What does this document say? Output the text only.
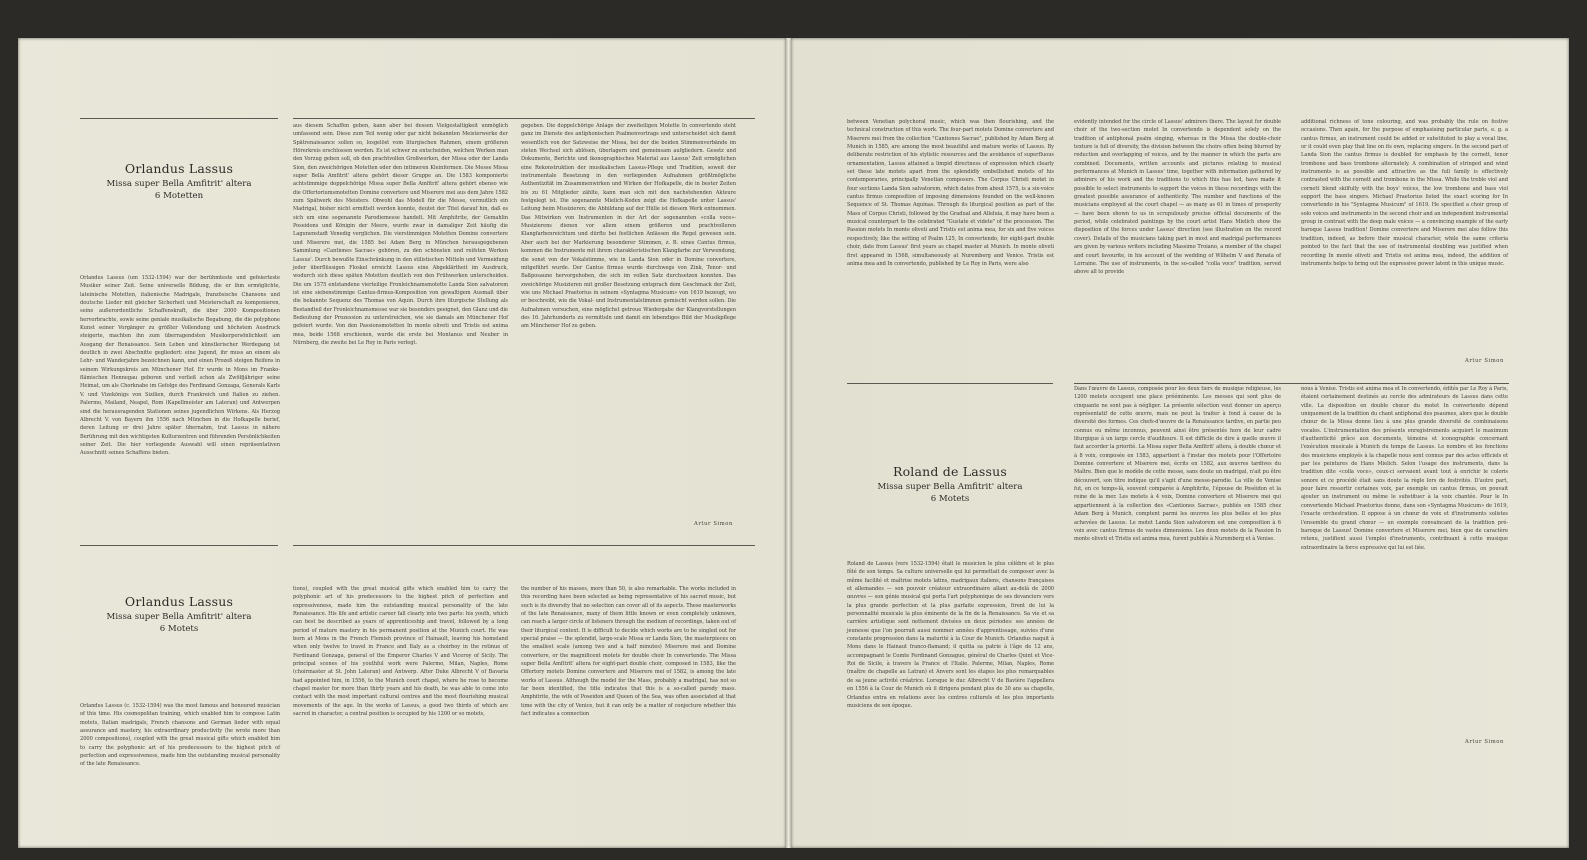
Orlandus Lassus
Missa super Bella Amfitrit' altera
6 Motetten
Orlandus Lassus (um 1532-1594) war der berühmteste und gefeierteste Musiker seiner Zeit. Seine universelle Bildung, die er ihm ermöglichte, lateinische Motetten, italienische Madrigale, französische Chansons und deutsche Lieder mit gleicher Sicherheit und Meisterschaft zu komponieren, seine außerordentliche Schaffenskraft, die über 2000 Kompositionen hervorbrachte, sowie seine geniale musikalische Begabung, die die polyphone Kunst seiner Vorgänger zu größter Vollendung und höchstem Ausdruck steigerte, machten ihn zum überragendsten Musikerpersönlichkeit am Ausgang der Renaissance. Sein Leben und künstlerischer Werdegang ist deutlich in zwei Abschnitte gegliedert: eine Jugend, ihr muss an einem als Lehr- und Wanderjahre bezeichnen kann, und einen Prozeß steigen Reifens in seinem Wirkungskreis am Münchener Hof. Er wurde in Mons im Franko-flämischen Hennegau geboren und verließ schon als Zwölfjähriger seine Heimat, um als Chorknabe im Gefolge des Ferdinand Gonzaga, Generals Karls V. und Vizekönigs von Sizilien, durch Frankreich und Italien zu ziehen. Palermo, Mailand, Neapel, Rom (Kapellmeister am Lateran) und Antwerpen sind die herausragenden Stationen seines jugendlichen Wirkens. Als Herzog Albrecht V. von Bayern ihn 1556 nach München in die Hofkapelle berief, deren Leitung er drei Jahre später übernahm, trat Lassus in nähere Berührung mit den wichtigsten Kulturzentren und führenden Persönlichkeiten seiner Zeit. Die hier vorliegende Auswahl will einen repräsentativen Ausschnitt seines Schaffens bieten.
aus diesem Schaffen geben, kann aber bei dessen Vielgestaltigkeit unmöglich umfassend sein. Diese zum Teil wenig oder gar nicht bekannten Meisterwerke der Spätrenaissance sollen so, losgelöst vom liturgischen Rahmen, einem größeren Hörerkreis erschlossen werden. Es ist schwer zu entscheiden, welchen Werken man den Vorzug geben soll, ob den prachtvollen Großwerken, der Missa oder der Landa Sion, den zweichörigen Motetten oder den intimeren Kleinformen. Die Messe Missa super Bella Amfitrit' altera gehört dieser Gruppe an. Die 1583 komponierte achtstimmige doppelchörige Missa super Bella Amfitrit' altera gehört ebenso wie die Offertoriumsmotetten Domine convertere und Miserere mei aus dem Jahre 1582 zum Spätwerk des Meisters. Obwohl das Modell für die Messe, vermutlich ein Madrigal, bisher nicht ermittelt werden konnte, deutet der Titel darauf hin, daß es sich um eine sogenannte Parodiemesse handelt. Mit Amphitrite, der Gemahlin Poseidons und Königin der Meere, wurde zwar in damaliger Zeit häufig die Lagunenstadt Venedig verglichen. Die vierstimmigen Motetten Domine convertere und Miserere mei, die 1585 bei Adam Berg in München herausgegebenen Sammlung «Cantiones Sacrae» gehören, zu den schönsten und reifsten Werken Lassus'. Durch bewußte Einschränkung in den stilistischen Mitteln und Vermeidung jeder überflüssigen Floskel erreicht Lassus eine Abgeklärtheit im Ausdruck, wodurch sich diese späten Motetten deutlich von den Frühwerken unterscheiden. Die um 1575 entstandene vierteilige Fronleichnamsmotette Landa Sion salvatorem ist eine siebenstimmige Cantus-firmus-Komposition von gewaltigem Ausmaß über die bekannte Sequenz des Thomas von Aquin. Durch ihre liturgische Stellung als Bestandteil der Fronleichnamsmesse war sie besonders geeignet, den Glanz und die Bedeutung der Prozession zu unterstreichen, wie sie damals am Münchener Hof gefeiert wurde. Von den Passionsmotetten In monte oliveti und Tristis est anima mea, beide 1568 erschienen, wurde die erste bei Montanus und Neuber in Nürnberg, die zweite bei Le Roy in Paris verlegt.
gegeben. Die doppelchörige Anlage der zweiteiligen Motette In convertendo steht ganz im Dienste des antiphonischen Psalmenvortrags und unterscheidet sich damit wesentlich von der Satzweise der Missa, bei der die beiden Stimmenverbände im steten Wechsel sich ablösen, überlagern und gemeinsam aufgliedern. Gesetz und Dokumente, Berichte und ikonographisches Material aus Lassus' Zeit ermöglichen eine Rekonstruktion der musikalischen Lassus-Pflege und Tradition, soweit der instrumentale Besetzung in den vorliegenden Aufnahmen größtmögliche Authentizität im Zusammenwirken und Wirken der Hofkapelle, die in bester Zeiten bis zu 61 Mitglieder zählte, kann man sich mit den nachstehenden Akteure festgelegt ist. Die sogenannte Mielich-Kodex zeigt die Hofkapelle unter Lassus' Leitung beim Musizieren; die Abbildung auf der Hülle ist diesem Werk entnommen. Das Mitwirken von Instrumenten in der Art der sogenannten «colla voce»-Musizierens dienen vor allem einem größeren und prachtvolleren Klangfarbenreichtum und dürfte bei festlichen Anlässen die Regel gewesen sein. Aber auch bei der Markierung besonderer Stimmen, z. B. eines Cantus firmus, kommen die Instrumente mit ihrem charakteristischen Klangfarbe zur Verwendung, die sonst von der Vokalstimme, wie in Landa Sion oder in Domine convertere, mitgeführt wurde. Der Cantus firmus wurde durchwegs von Zink, Tenor- und Baßposaune hervorgehoben, die sich im vollen Satz durchsetzen konnten. Das zweichörige Musizieren mit großer Besetzung entsprach dem Geschmack der Zeit, wie uns Michael Praetorius in seinem «Syntagma Musicum» von 1619 bezeugt, wo er beschreibt, wie die Vokal- und Instrumentalstimmen gemischt werden sollen. Die Aufnahmen versuchen, eine möglichst getreue Wiedergabe der Klangvorstellungen des 16. Jahrhunderts zu vermitteln und damit ein lebendiges Bild der Musikpflege am Münchener Hof zu geben.
Artur Simon
Orlandus Lassus
Missa super Bella Amfitrit' altera
6 Motets
Orlandus Lassus (c. 1532-1594) was the most famous and honoured musician of this time. His cosmopolitan training, which enabled him to compose Latin motets, Italian madrigals, French chansons and German lieder with equal assurance and mastery, his extraordinary productivity (he wrote more than 2000 compositions), coupled with the great musical gifts which enabled him to carry the polyphonic art of his predecessors to the highest pitch of perfection and expressiveness, made him the outstanding musical personality of the late Renaissance.
tions), coupled with the great musical gifts which enabled him to carry the polyphonic art of his predecessors to the highest pitch of perfection and expressiveness, made him the outstanding musical personality of the late Renaissance. His life and artistic career fall clearly into two parts: his youth, which can best be described as years of apprenticeship and travel, followed by a long period of mature mastery in his permanent position at the Munich court. He was born at Mons in the French Flemish province of Hainault, leaving his homeland when only twelve to travel in France and Italy as a choirboy in the retinue of Ferdinand Gonzaga, general of the Emperor Charles V and Viceroy of Sicily. The principal scenes of his youthful work were Palermo, Milan, Naples, Rome (choirmaster at St. John Lateran) and Antwerp. After Duke Albrecht V of Bavaria had appointed him, in 1556, to the Munich court chapel, where he rose to become chapel master for more than thirty years and his death, he was able to come into contact with the most important cultural centres and the most flourishing musical movements of the age. In the works of Lassus, a good two thirds of which are sacred in character, a central position is occupied by his 1200 or so motets,
the number of his masses, more than 50, is also remarkable. The works included in this recording have been selected as being representative of his sacred music, but such is its diversity that no selection can cover all of its aspects. These masterworks of the late Renaissance, many of them little known or even completely unknown, can reach a larger circle of listeners through the medium of recordings, taken out of their liturgical context. It is difficult to decide which works are to be singled out for special praise — the splendid, large-scale Missa or Landa Sion, the masterpieces on the smallest scale (among two and a half minutes) Miserere mei and Domine convertere, or the magnificent motets for double choir In convertendo. The Missa super Bella Amfitrit' altera for eight-part double choir, composed in 1583, like the Offertory motets Domine convertere and Miserere mei of 1582, is among the late works of Lassus. Although the model for the Mass, probably a madrigal, has not so far been identified, the title indicates that this is a so-called parody mass. Amphitrite, the wife of Poseidon and Queen of the Sea, was often associated at that time with the city of Venice, but it can only be a matter of conjecture whether this fact indicates a connection
between Venetian polychoral music, which was then flourishing, and the technical construction of this work. The four-part motets Domine convertere and Miserere mei from the collection "Cantiones Sacrae", published by Adam Berg at Munich in 1585, are among the most beautiful and mature works of Lassus. By deliberate restriction of his stylistic resources and the avoidance of superfluous ornamentation, Lassus attained a limpid directness of expression which clearly set these late motets apart from the splendidly embellished motets of his contemporaries, principally Venetian composers. The Corpus Christi motet in four sections Landa Sion salvatorem, which dates from about 1575, is a six-voice cantus firmus composition of imposing dimensions founded on the well-known Sequence of St. Thomas Aquinas. Through its liturgical position as part of the Mass of Corpus Christi, followed by the Gradual and Alleluia, it may have been a musical counterpart to the celebrated "Gustate et videte" of the procession. The Passion motets In monte oliveti and Tristis est anima mea, for six and five voices respectively, like the setting of Psalm 125, In convertendo, for eight-part double choir, date from Lassus' first years as chapel master at Munich. In monte oliveti first appeared in 1568, simultaneously at Nuremberg and Venice. Tristis est anima mea and In convertendo, published by Le Roy in Paris, were also
evidently intended for the circle of Lassus' admirers there. The layout for double choir of the two-section motet In convertendo is dependent solely on the tradition of antiphonal psalm singing, whereas in the Missa the double-choir texture is full of diversity, the division between the choirs often being blurred by reduction and overlapping of voices, and by the manner in which the parts are combined. Documents, written accounts and pictures relating to musical performances at Munich in Lassus' time, together with information gathered by admirers of his work and the traditions to which this has led, have made it possible to select instruments to support the voices in these recordings with the greatest possible assurance of authenticity. The number and functions of the musicians employed at the court chapel — as many as 61 in times of prosperity — have been shown to us in scrupulously precise official documents of the period, while celebrated paintings by the court artist Hans Mielich show the disposition of the forces under Lassus' direction (see illustration on the record cover). Details of the musicians taking part in most and madrigal performances are given by various writers including Massimo Troiano, a member of the chapel and court favourite, in his account of the wedding of Wilhelm V and Renata of Lorraine. The use of instruments, in the so-called "colla voce" tradition, served above all to provide
additional richness of tone colouring, and was probably the rule on festive occasions. Then again, for the purpose of emphasising particular parts, e. g. a cantus firmus, an instrument could be added or substituted to play a vocal line, or it could even play that line on its own, replacing singers. In the second part of Landa Sion the cantus firmus is doubled for emphasis by the cornett, tenor trombone and bass trombone alternately. A combination of stringed and wind instruments is as possible and attractive as the full family is effectively contrasted with the cornett and trombone in the Missa. While the treble viol and cornett blend skilfully with the boys' voices, the low trombone and bass viol support the bass singers. Michael Praetorius listed the exact scoring for In convertendo in his "Syntagma Musicum" of 1619. He specified a choir group of solo voices and instruments in the second choir and an independent instrumental group in contrast with the deep male voices — a convincing example of the early baroque Lassus tradition! Domine convertere and Miserere mei also follow this tradition, indeed, as before their musical character, while the same criteria pointed to the fact that the use of instrumental doubling was justified when recording In monte oliveti and Tristis est anima mea, indeed, the addition of instruments helps to bring out the expressive power latent in this unique music.
Artur Simon
Roland de Lassus
Missa super Bella Amfitrit' altera
6 Motets
Roland de Lassus (vers 1532-1594) était le musicien le plus célèbre et le plus fêté de son temps. Sa culture universelle qui lui permettait de composer avec la même facilité et maîtrise motets latins, madrigaux italiens, chansons françaises et allemandes — son pouvoir créateur extraordinaire allant au-delà de 2000 œuvres — son génie musical qui porta l'art polyphonique de ses devanciers vers la plus grande perfection et la plus parfaite expression, firent de lui la personnalité musicale la plus éminente de la fin de la Renaissance. Sa vie et sa carrière artistique sont nettement divisées en deux périodes: ses années de jeunesse que l'on pourrait aussi nommer années d'apprentissage, suivies d'une constante progression dans la maturité à la Cour de Munich. Orlandus naquit à Mons dans le Hainaut franco-flamand; il quitta sa patrie à l'âge de 12 ans, accompagnant le Comte Ferdinand Gonzague, général de Charles Quint et Vice-Roi de Sicile, à travers la France et l'Italie. Palerme, Milan, Naples, Rome (maître de chapelle au Latran) et Anvers sont les étapes les plus remarquables de sa jeune activité créatrice. Lorsque le duc Albrecht V de Bavière l'appellera en 1556 à la Cour de Munich où il dirigera pendant plus de 30 ans sa chapelle, Orlandus entra en relations avec les centres culturels et les plus importants musiciens de son époque.
Dans l'œuvre de Lassus, composée pour les deux tiers de musique religieuse, les 1200 motets occupent une place prééminente. Les messes qui sont plus de cinquante ne sont pas à négliger. La présente sélection veut donner un aperçu représentatif de cette œuvre, mais ne peut la traiter à fond à cause de la diversité des formes. Ces chefs-d'œuvre de la Renaissance tardive, en partie peu connus ou même inconnus, peuvent ainsi être présentés hors de leur cadre liturgique à un large cercle d'auditeurs. Il est difficile de dire à quelle œuvre il faut accorder la priorité. La Missa super Bella Amfitrit' altera, à double chœur et à 8 voix, composée en 1583, appartient à l'instar des motets pour l'Offertoire Domine convertere et Miserere mei, écrits en 1582, aux œuvres tardives du Maître. Bien que le modèle de cette messe, sans doute un madrigal, n'ait pu être découvert, son titre indique qu'il s'agit d'une messe-parodie. La ville de Venise fut, en ce temps-là, souvent comparée à Amphitrite, l'épouse de Poséidon et la reine de la mer. Les motets à 4 voix, Domine convertere et Miserere mei qui appartiennent à la collection des «Cantiones Sacrae», publiés en 1585 chez Adam Berg à Munich, comptent parmi les œuvres les plus belles et les plus achevées de Lassus. Le motet Landa Sion salvatorem est une composition à 6 voix avec cantus firmus de vastes dimensions. Les deux motets de la Passion In monte oliveti et Tristis est anima mea, furent publiés à Nuremberg et à Venise.
nous à Venise. Tristis est anima mea et In convertendo, édités par Le Roy à Paris, étaient certainement destinés au cercle des admirateurs de Lassus dans cette ville. La disposition en double chœur du motet In convertendo dépend uniquement de la tradition du chant antiphonal des psaumes, alors que le double chœur de la Missa donne lieu à une plus grande diversité de combinaisons vocales. L'instrumentation des présents enregistrements acquiert le maximum d'authenticité grâce aux documents, témoins et iconographie concernant l'exécution musicale à Munich du temps de Lassus. Le nombre et les fonctions des musiciens employés à la chapelle nous sont connus par des actes officiels et par les peintures de Hans Mielich. Selon l'usage des instruments, dans la tradition dite «colla voce», ceux-ci servaient avant tout à enrichir le coloris sonore et ce procédé était sans doute la règle lors de festivités. D'autre part, pour faire ressortir certaines voix, par exemple un cantus firmus, on pouvait ajouter un instrument ou même le substituer à la voix chantée. Pour le In convertendo Michael Praetorius donne, dans son «Syntagma Musicum» de 1619, l'exacte orchestration. Il oppose à un chœur de voix et d'instruments solistes l'ensemble du grand chœur — un exemple convaincant de la tradition pré-baroque de Lassus! Domine convertere et Miserere mei, bien que de caractère retenu, justifient aussi l'emploi d'instruments, contribuant à cette musique extraordinaire la force expressive qui lui est liée.
Artur Simon
